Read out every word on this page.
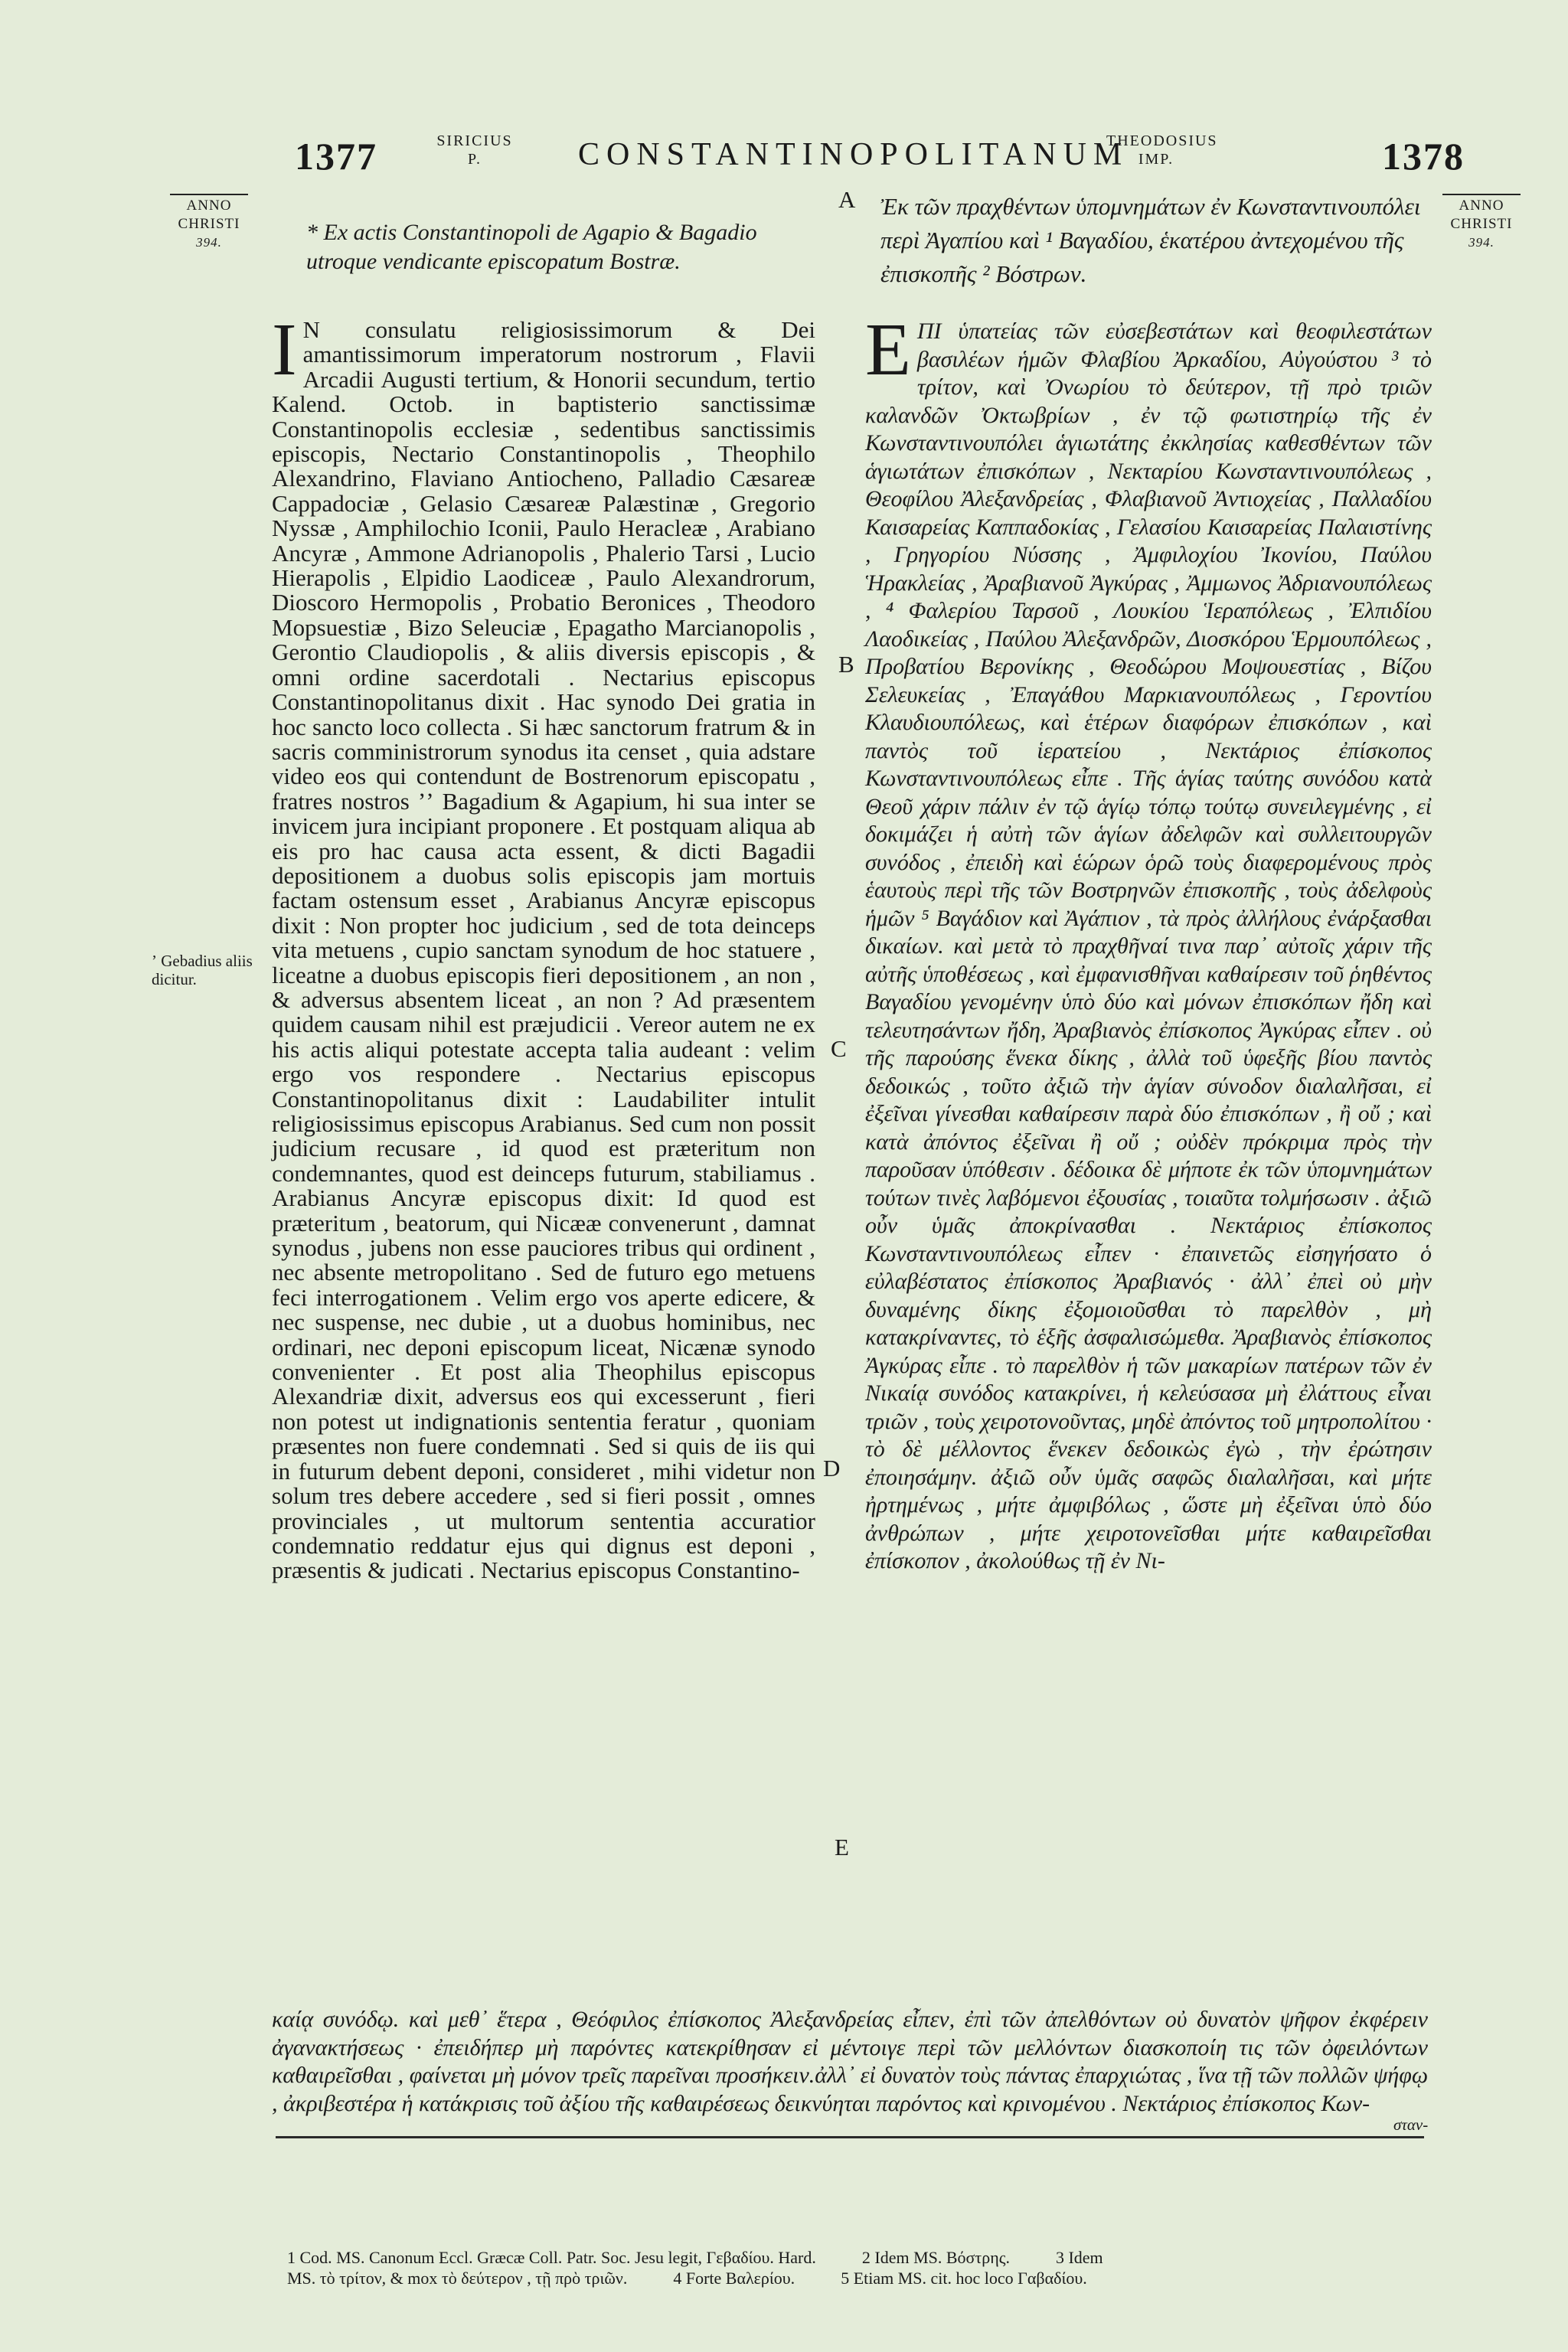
1377	1378
SIRICIUS
P.	CONSTANTINOPOLITANUM
THEODOSIUS
IMP.
ANNO
CHRISTI
394.
ANNO
CHRISTI
394.
* Ex actis Constantinopoli de Agapio & Bagadio utroque vendicante episcopatum Bostræ.
Ἐκ τῶν πραχθέντων ὑπομνημάτων ἐν Κωνσταντινουπόλει περὶ Ἀγαπίου καὶ ¹ Βαγαδίου, ἑκατέρου ἀντεχομένου τῆς ἐπισκοπῆς ² Βόστρων.
A
B
C
D
E
ʼ Gebadius aliis dicitur.

I N consulatu religiosissimorum & Dei amantissimorum imperatorum nostrorum , Flavii Arcadii Augusti tertium, & Honorii secundum, tertio Kalend. Octob. in baptisterio sanctissimæ Constantinopolis ecclesiæ , sedentibus sanctissimis episcopis, Nectario Constantinopolis , Theophilo Alexandrino, Flaviano Antiocheno, Palladio Cæsareæ Cappadociæ , Gelasio Cæsareæ Palæstinæ , Gregorio Nyssæ , Amphilochio Iconii, Paulo Heracleæ , Arabiano Ancyræ , Ammone Adrianopolis , Phalerio Tarsi , Lucio Hierapolis , Elpidio Laodiceæ , Paulo Alexandrorum, Dioscoro Hermopolis , Probatio Beronices , Theodoro Mopsuestiæ , Bizo Seleuciæ , Epagatho Marcianopolis , Gerontio Claudiopolis , & aliis diversis episcopis , & omni ordine sacerdotali . Nectarius episcopus Constantinopolitanus dixit . Hac synodo Dei gratia in hoc sancto loco collecta . Si hæc sanctorum fratrum & in sacris comministrorum synodus ita censet , quia adstare video eos qui contendunt de Bostrenorum episcopatu , fratres nostros ʼʼ Bagadium & Agapium, hi sua inter se invicem jura incipiant proponere . Et postquam aliqua ab eis pro hac causa acta essent, & dicti Bagadii depositionem a duobus solis episcopis jam mortuis factam ostensum esset , Arabianus Ancyræ episcopus dixit : Non propter hoc judicium , sed de tota deinceps vita metuens , cupio sanctam synodum de hoc statuere , liceatne a duobus episcopis fieri depositionem , an non , & adversus absentem liceat , an non ? Ad præsentem quidem causam nihil est præjudicii . Vereor autem ne ex his actis aliqui potestate accepta talia audeant : velim ergo vos respondere . Nectarius episcopus Constantinopolitanus dixit : Laudabiliter intulit religiosissimus episcopus Arabianus. Sed cum non possit judicium recusare , id quod est præteritum non condemnantes, quod est deinceps futurum, stabiliamus . Arabianus Ancyræ episcopus dixit: Id quod est præteritum , beatorum, qui Nicææ convenerunt , damnat synodus , jubens non esse pauciores tribus qui ordinent , nec absente metropolitano . Sed de futuro ego metuens feci interrogationem . Velim ergo vos aperte edicere, & nec suspense, nec dubie , ut a duobus hominibus, nec ordinari, nec deponi episcopum liceat, Nicænæ synodo convenienter . Et post alia Theophilus episcopus Alexandriæ dixit, adversus eos qui excesserunt , fieri non potest ut indignationis sententia feratur , quoniam præsentes non fuere condemnati . Sed si quis de iis qui in futurum debent deponi, consideret , mihi videtur non solum tres debere accedere , sed si fieri possit , omnes provinciales , ut multorum sententia accuratior condemnatio reddatur ejus qui dignus est deponi , præsentis & judicati . Nectarius episcopus Constantino-

ΕΠΙ ὑπατείας τῶν εὐσεβεστάτων καὶ θεοφιλεστάτων βασιλέων ἡμῶν Φλαβίου Ἀρκαδίου, Αὐγούστου ³ τὸ τρίτον, καὶ Ὀνωρίου τὸ δεύτερον, τῇ πρὸ τριῶν καλανδῶν Ὀκτωβρίων , ἐν τῷ φωτιστηρίῳ τῆς ἐν Κωνσταντινουπόλει ἁγιωτάτης ἐκκλησίας καθεσθέντων τῶν ἁγιωτάτων ἐπισκόπων , Νεκταρίου Κωνσταντινουπόλεως , Θεοφίλου Ἀλεξανδρείας , Φλαβιανοῦ Ἀντιοχείας , Παλλαδίου Καισαρείας Καππαδοκίας , Γελασίου Καισαρείας Παλαιστίνης , Γρηγορίου Νύσσης , Ἀμφιλοχίου Ἰκονίου, Παύλου Ἡρακλείας , Ἀραβιανοῦ Ἀγκύρας , Ἀμμωνος Ἀδριανουπόλεως , ⁴ Φαλερίου Ταρσοῦ , Λουκίου Ἱεραπόλεως , Ἐλπιδίου Λαοδικείας , Παύλου Ἀλεξανδρῶν, Διοσκόρου Ἑρμουπόλεως , Προβατίου Βερονίκης , Θεοδώρου Μοψουεστίας , Βίζου Σελευκείας , Ἐπαγάθου Μαρκιανουπόλεως , Γεροντίου Κλαυδιουπόλεως, καὶ ἑτέρων διαφόρων ἐπισκόπων , καὶ παντὸς τοῦ ἱερατείου , Νεκτάριος ἐπίσκοπος Κωνσταντινουπόλεως εἶπε . Τῆς ἁγίας ταύτης συνόδου κατὰ Θεοῦ χάριν πάλιν ἐν τῷ ἁγίῳ τόπῳ τούτῳ συνειλεγμένης , εἰ δοκιμάζει ἡ αὐτὴ τῶν ἁγίων ἀδελφῶν καὶ συλλειτουργῶν συνόδος , ἐπειδὴ καὶ ἑώρων ὁρῶ τοὺς διαφερομένους πρὸς ἑαυτοὺς περὶ τῆς τῶν Βοστρηνῶν ἐπισκοπῆς , τοὺς ἀδελφοὺς ἡμῶν ⁵ Βαγάδιον καὶ Ἀγάπιον , τὰ πρὸς ἀλλήλους ἐνάρξασθαι δικαίων. καὶ μετὰ τὸ πραχθῆναί τινα παρ᾽ αὐτοῖς χάριν τῆς αὐτῆς ὑποθέσεως , καὶ ἐμφανισθῆναι καθαίρεσιν τοῦ ῥηθέντος Βαγαδίου γενομένην ὑπὸ δύο καὶ μόνων ἐπισκόπων ἤδη καὶ τελευτησάντων ἤδη, Ἀραβιανὸς ἐπίσκοπος Ἀγκύρας εἶπεν . οὐ τῆς παρούσης ἕνεκα δίκης , ἀλλὰ τοῦ ὑφεξῆς βίου παντὸς δεδοικώς , τοῦτο ἀξιῶ τὴν ἁγίαν σύνοδον διαλαλῆσαι, εἰ ἐξεῖναι γίνεσθαι καθαίρεσιν παρὰ δύο ἐπισκόπων , ἢ οὔ ; καὶ κατὰ ἀπόντος ἐξεῖναι ἢ οὔ ; οὐδὲν πρόκριμα πρὸς τὴν παροῦσαν ὑπόθεσιν . δέδοικα δὲ μήποτε ἐκ τῶν ὑπομνημάτων τούτων τινὲς λαβόμενοι ἐξουσίας , τοιαῦτα τολμήσωσιν . ἀξιῶ οὖν ὑμᾶς ἀποκρίνασθαι . Νεκτάριος ἐπίσκοπος Κωνσταντινουπόλεως εἶπεν · ἐπαινετῶς εἰσηγήσατο ὁ εὐλαβέστατος ἐπίσκοπος Ἀραβιανός · ἀλλ᾽ ἐπεὶ οὐ μὴν δυναμένης δίκης ἐξομοιοῦσθαι τὸ παρελθὸν , μὴ κατακρίναντες, τὸ ἑξῆς ἀσφαλισώμεθα. Ἀραβιανὸς ἐπίσκοπος Ἀγκύρας εἶπε . τὸ παρελθὸν ἡ τῶν μακαρίων πατέρων τῶν ἐν Νικαίᾳ συνόδος κατακρίνει, ἡ κελεύσασα μὴ ἐλάττους εἶναι τριῶν , τοὺς χειροτονοῦντας, μηδὲ ἀπόντος τοῦ μητροπολίτου · τὸ δὲ μέλλοντος ἕνεκεν δεδοικὼς ἐγὼ , τὴν ἐρώτησιν ἐποιησάμην. ἀξιῶ οὖν ὑμᾶς σαφῶς διαλαλῆσαι, καὶ μήτε ἠρτημένως , μήτε ἀμφιβόλως , ὥστε μὴ ἐξεῖναι ὑπὸ δύο ἀνθρώπων , μήτε χειροτονεῖσθαι μήτε καθαιρεῖσθαι ἐπίσκοπον , ἀκολούθως τῇ ἐν Νι-

καίᾳ συνόδῳ. καὶ μεθ᾽ ἕτερα , Θεόφιλος ἐπίσκοπος Ἀλεξανδρείας εἶπεν, ἐπὶ τῶν ἀπελθόντων οὐ δυνατὸν ψῆφον ἐκφέρειν ἀγανακτήσεως · ἐπειδήπερ μὴ παρόντες κατεκρίθησαν εἰ μέντοιγε περὶ τῶν μελλόντων διασκοποίη τις τῶν ὀφειλόντων καθαιρεῖσθαι , φαίνεται μὴ μόνον τρεῖς παρεῖναι προσήκειν.ἀλλ᾽ εἰ δυνατὸν τοὺς πάντας ἐπαρχιώτας , ἵνα τῇ τῶν πολλῶν ψήφῳ , ἀκριβεστέρα ἡ κατάκρισις τοῦ ἀξίου τῆς καθαιρέσεως δεικνύηται παρόντος καὶ κρινομένου . Νεκτάριος ἐπίσκοπος Κων-
σταν-
1 Cod. MS. Canonum Eccl. Græcæ Coll. Patr. Soc. Jesu legit, Γεβαδίου. Hard.	2 Idem MS. Βόστρης.	3 Idem
MS. τὸ τρίτον, & mox τὸ δεύτερον , τῇ πρὸ τριῶν.	4 Forte Βαλερίου.	5 Etiam MS. cit. hoc loco Γαβαδίου.
